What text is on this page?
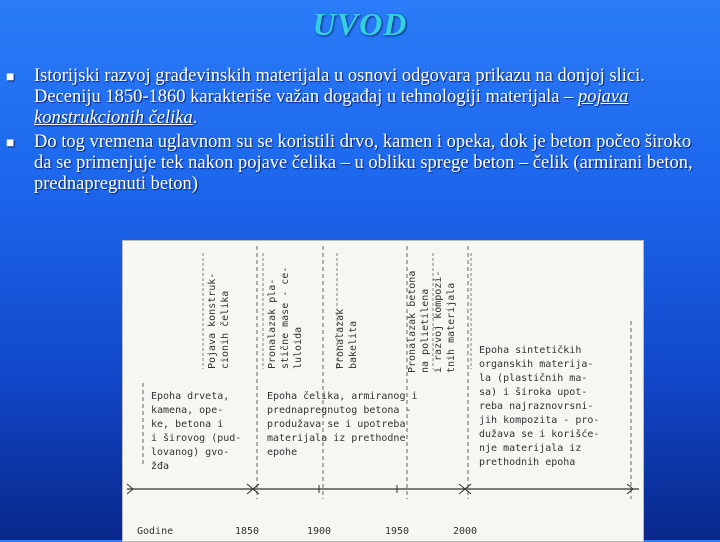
UVOD
■ Istorijski razvoj građevinskih materijala u osnovi odgovara prikazu na donjoj slici. Deceniju 1850-1860 karakteriše važan događaj u tehnologiji materijala – pojava konstrukcionih čelika.
■ Do tog vremena uglavnom su se koristili drvo, kamen i opeka, dok je beton počeo široko da se primenjuje tek nakon pojave čelika – u obliku sprege beton – čelik (armirani beton, prednapregnuti beton)
Pojava konstruk- cionih čelika	Pronalazak pla- stične mase - ce- luloida	Pronalazak bakelita	Pronalazak betona na polietilena i razvoj kompozi- tnih materijala
Epoha drveta,
kamena, ope-
ke, betona i
i širovog (pud-
lovanog) gvo-
žđa
Epoha čelika, armiranog i
prednapregnutog betona -
produžava se i upotreba
materijala iz prethodne
epohe
Epoha sintetičkih
organskih materija-
la (plastičnih ma-
sa) i široka upot-
reba najraznovrsni-
jih kompozita - pro-
dužava se i korišće-
nje materijala iz
prethodnih epoha
Godine	1850	1900	1950	2000
